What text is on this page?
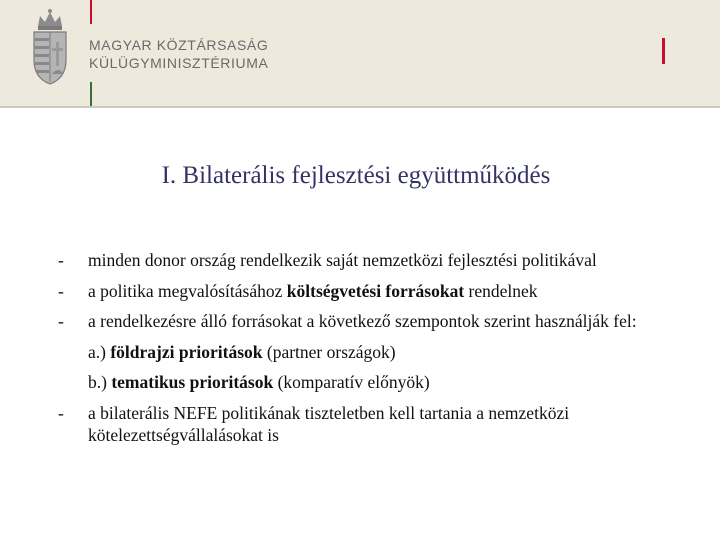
MAGYAR KÖZTÁRSASÁG
KÜLÜGYMINISZTÉRIUMA
I. Bilaterális fejlesztési együttműködés
- minden donor ország rendelkezik saját nemzetközi fejlesztési politikával
- a politika megvalósításához költségvetési forrásokat rendelnek
- a rendelkezésre álló forrásokat a következő szempontok szerint használják fel:
a.) földrajzi prioritások (partner országok)
b.) tematikus prioritások (komparatív előnyök)
- a bilaterális NEFE politikának tiszteletben kell tartania a nemzetközi kötelezettségvállalásokat is
